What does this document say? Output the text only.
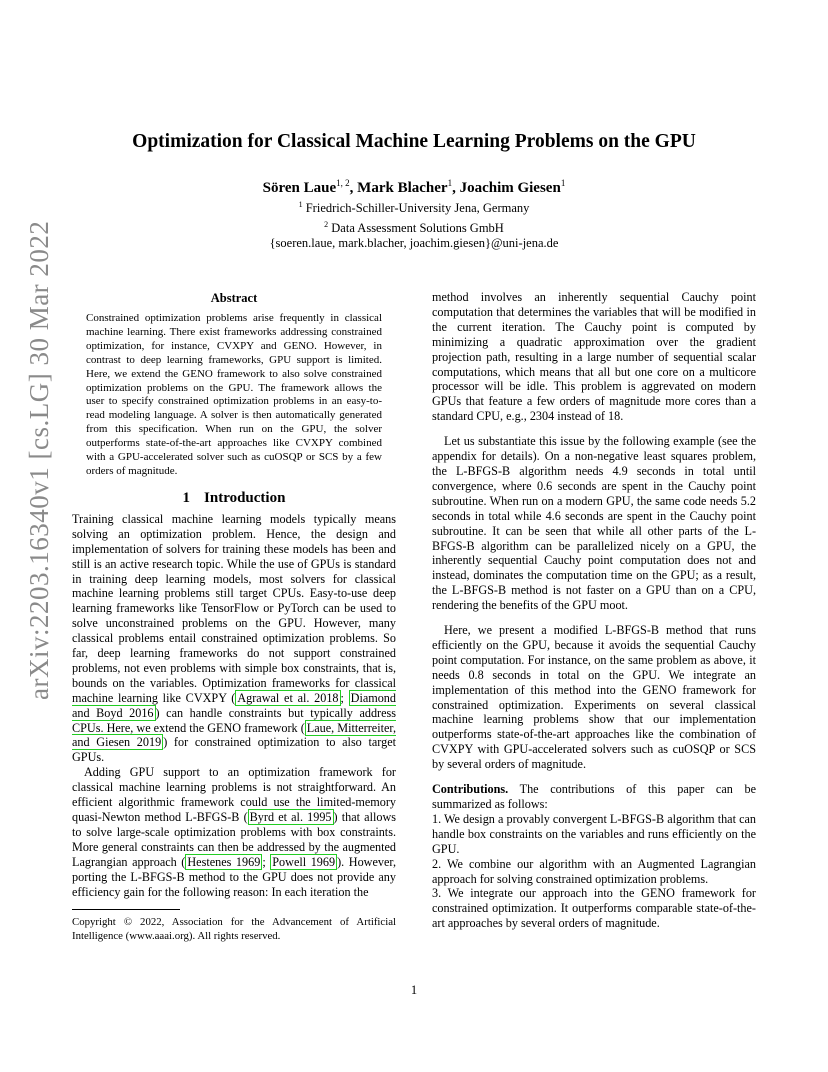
arXiv:2203.16340v1 [cs.LG] 30 Mar 2022
Optimization for Classical Machine Learning Problems on the GPU
Sören Laue$^{1, 2}$, Mark Blacher$^1$, Joachim Giesen$^1$
$^1$ Friedrich-Schiller-University Jena, Germany
$^2$ Data Assessment Solutions GmbH
{soeren.laue, mark.blacher, joachim.giesen}@uni-jena.de
Abstract

Constrained optimization problems arise frequently in classical machine learning. There exist frameworks addressing constrained optimization, for instance, CVXPY and GENO. However, in contrast to deep learning frameworks, GPU support is limited. Here, we extend the GENO framework to also solve constrained optimization problems on the GPU. The framework allows the user to specify constrained optimization problems in an easy-to-read modeling language. A solver is then automatically generated from this specification. When run on the GPU, the solver outperforms state-of-the-art approaches like CVXPY combined with a GPU-accelerated solver such as cuOSQP or SCS by a few orders of magnitude.

1 Introduction

Training classical machine learning models typically means solving an optimization problem. Hence, the design and implementation of solvers for training these models has been and still is an active research topic. While the use of GPUs is standard in training deep learning models, most solvers for classical machine learning problems still target CPUs. Easy-to-use deep learning frameworks like TensorFlow or PyTorch can be used to solve unconstrained problems on the GPU. However, many classical problems entail constrained optimization problems. So far, deep learning frameworks do not support constrained problems, not even problems with simple box constraints, that is, bounds on the variables. Optimization frameworks for classical machine learning like CVXPY ( Agrawal et al. 2018 ; Diamond and Boyd 2016 ) can handle constraints but typically address CPUs. Here, we extend the GENO framework ( Laue, Mitterreiter, and Giesen 2019 ) for constrained optimization to also target GPUs.

Adding GPU support to an optimization framework for classical machine learning problems is not straightforward. An efficient algorithmic framework could use the limited-memory quasi-Newton method L-BFGS-B ( Byrd et al. 1995 ) that allows to solve large-scale optimization problems with box constraints. More general constraints can then be addressed by the augmented Lagrangian approach ( Hestenes 1969 ; Powell 1969 ). However, porting the L-BFGS-B method to the GPU does not provide any efficiency gain for the following reason: In each iteration the

Copyright © 2022, Association for the Advancement of Artificial Intelligence (www.aaai.org). All rights reserved.

method involves an inherently sequential Cauchy point computation that determines the variables that will be modified in the current iteration. The Cauchy point is computed by minimizing a quadratic approximation over the gradient projection path, resulting in a large number of sequential scalar computations, which means that all but one core on a multicore processor will be idle. This problem is aggrevated on modern GPUs that feature a few orders of magnitude more cores than a standard CPU, e.g., 2304 instead of 18.

Let us substantiate this issue by the following example (see the appendix for details). On a non-negative least squares problem, the L-BFGS-B algorithm needs 4.9 seconds in total until convergence, where 0.6 seconds are spent in the Cauchy point subroutine. When run on a modern GPU, the same code needs 5.2 seconds in total while 4.6 seconds are spent in the Cauchy point subroutine. It can be seen that while all other parts of the L-BFGS-B algorithm can be parallelized nicely on a GPU, the inherently sequential Cauchy point computation does not and instead, dominates the computation time on the GPU; as a result, the L-BFGS-B method is not faster on a GPU than on a CPU, rendering the benefits of the GPU moot.

Here, we present a modified L-BFGS-B method that runs efficiently on the GPU, because it avoids the sequential Cauchy point computation. For instance, on the same problem as above, it needs 0.8 seconds in total on the GPU. We integrate an implementation of this method into the GENO framework for constrained optimization. Experiments on several classical machine learning problems show that our implementation outperforms state-of-the-art approaches like the combination of CVXPY with GPU-accelerated solvers such as cuOSQP or SCS by several orders of magnitude.

Contributions. The contributions of this paper can be summarized as follows:

1. We design a provably convergent L-BFGS-B algorithm that can handle box constraints on the variables and runs efficiently on the GPU.

2. We combine our algorithm with an Augmented Lagrangian approach for solving constrained optimization problems.

3. We integrate our approach into the GENO framework for constrained optimization. It outperforms comparable state-of-the-art approaches by several orders of magnitude.

1
